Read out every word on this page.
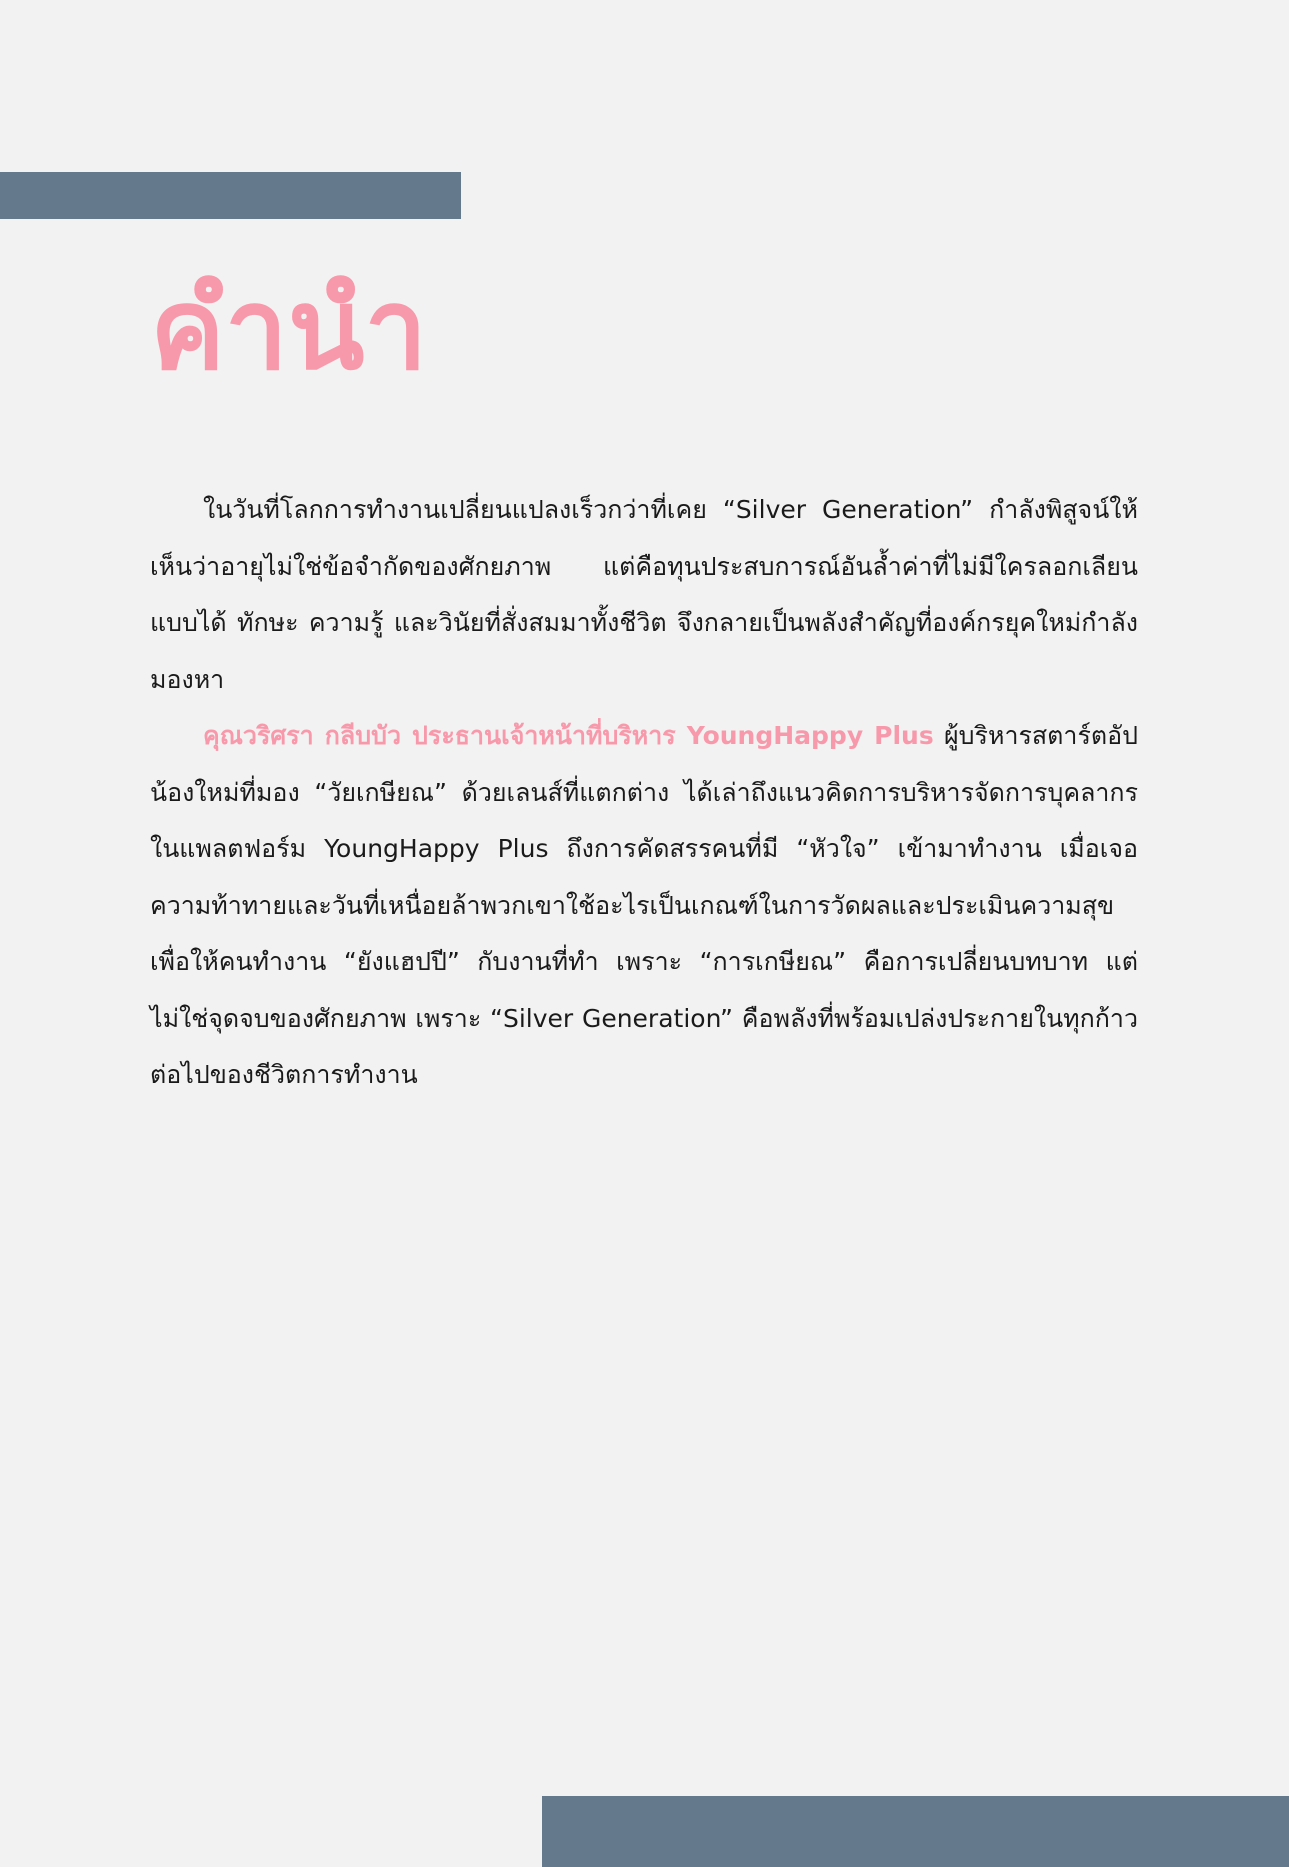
คำนำ

ในวันที่โลกการทำงานเปลี่ยนแปลงเร็วกว่าที่เคย “Silver Generation” กำลังพิสูจน์ให้เห็นว่าอายุไม่ใช่ข้อจำกัดของศักยภาพ แต่คือทุนประสบการณ์อันล้ำค่าที่ไม่มีใครลอกเลียนแบบได้ ทักษะ ความรู้ และวินัยที่สั่งสมมาทั้งชีวิต จึงกลายเป็นพลังสำคัญที่องค์กรยุคใหม่กำลังมองหา

คุณวริศรา กลีบบัว ประธานเจ้าหน้าที่บริหาร YoungHappy Plus ผู้บริหารสตาร์ตอัปน้องใหม่ที่มอง “วัยเกษียณ” ด้วยเลนส์ที่แตกต่าง ได้เล่าถึงแนวคิดการบริหารจัดการบุคลากรในแพลตฟอร์ม YoungHappy Plus ถึงการคัดสรรคนที่มี “หัวใจ” เข้ามาทำงาน เมื่อเจอความท้าทายและวันที่เหนื่อยล้าพวกเขาใช้อะไรเป็นเกณฑ์ในการวัดผลและประเมินความสุขเพื่อให้คนทำงาน “ยังแฮปปี” กับงานที่ทำ เพราะ “การเกษียณ” คือการเปลี่ยนบทบาท แต่ไม่ใช่จุดจบของศักยภาพ เพราะ “Silver Generation” คือพลังที่พร้อมเปล่งประกายในทุกก้าวต่อไปของชีวิตการทำงาน
